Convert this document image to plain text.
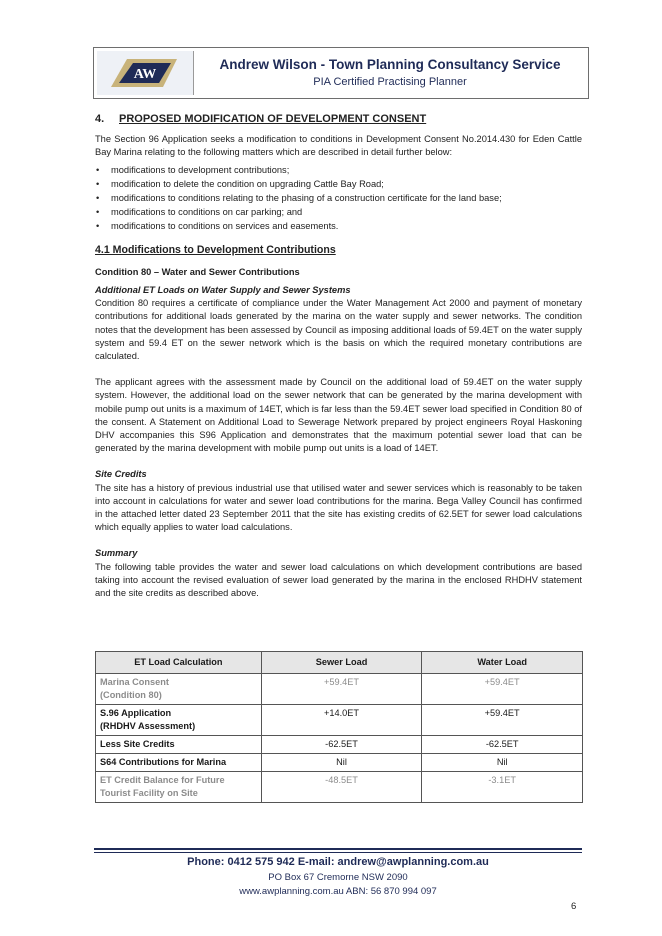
AW
Andrew Wilson - Town Planning Consultancy Service
PIA Certified Practising Planner
4. PROPOSED MODIFICATION OF DEVELOPMENT CONSENT

The Section 96 Application seeks a modification to conditions in Development Consent No.2014.430 for Eden Cattle Bay Marina relating to the following matters which are described in detail further below:

• modifications to development contributions;
• modification to delete the condition on upgrading Cattle Bay Road;
• modifications to conditions relating to the phasing of a construction certificate for the land base;
• modifications to conditions on car parking; and
• modifications to conditions on services and easements.
4.1 Modifications to Development Contributions
Condition 80 – Water and Sewer Contributions
Additional ET Loads on Water Supply and Sewer Systems

Condition 80 requires a certificate of compliance under the Water Management Act 2000 and payment of monetary contributions for additional loads generated by the marina on the water supply and sewer networks. The condition notes that the development has been assessed by Council as imposing additional loads of 59.4ET on the water supply system and 59.4 ET on the sewer network which is the basis on which the required monetary contributions are calculated.

The applicant agrees with the assessment made by Council on the additional load of 59.4ET on the water supply system. However, the additional load on the sewer network that can be generated by the marina development with mobile pump out units is a maximum of 14ET, which is far less than the 59.4ET sewer load specified in Condition 80 of the consent. A Statement on Additional Load to Sewerage Network prepared by project engineers Royal Haskoning DHV accompanies this S96 Application and demonstrates that the maximum potential sewer load that can be generated by the marina development with mobile pump out units is a load of 14ET.

Site Credits

The site has a history of previous industrial use that utilised water and sewer services which is reasonably to be taken into account in calculations for water and sewer load contributions for the marina. Bega Valley Council has confirmed in the attached letter dated 23 September 2011 that the site has existing credits of 62.5ET for sewer load calculations which equally applies to water load calculations.

Summary

The following table provides the water and sewer load calculations on which development contributions are based taking into account the revised evaluation of sewer load generated by the marina in the enclosed RHDHV statement and the site credits as described above.

ET Load Calculation	Sewer Load	Water Load
Marina Consent
(Condition 80)	+59.4ET	+59.4ET
S.96 Application
(RHDHV Assessment)	+14.0ET	+59.4ET
Less Site Credits	-62.5ET	-62.5ET
S64 Contributions for Marina	Nil	Nil
ET Credit Balance for Future
Tourist Facility on Site	-48.5ET	-3.1ET
Phone: 0412 575 942 E-mail: andrew@awplanning.com.au
PO Box 67 Cremorne NSW 2090
www.awplanning.com.au ABN: 56 870 994 097
6
